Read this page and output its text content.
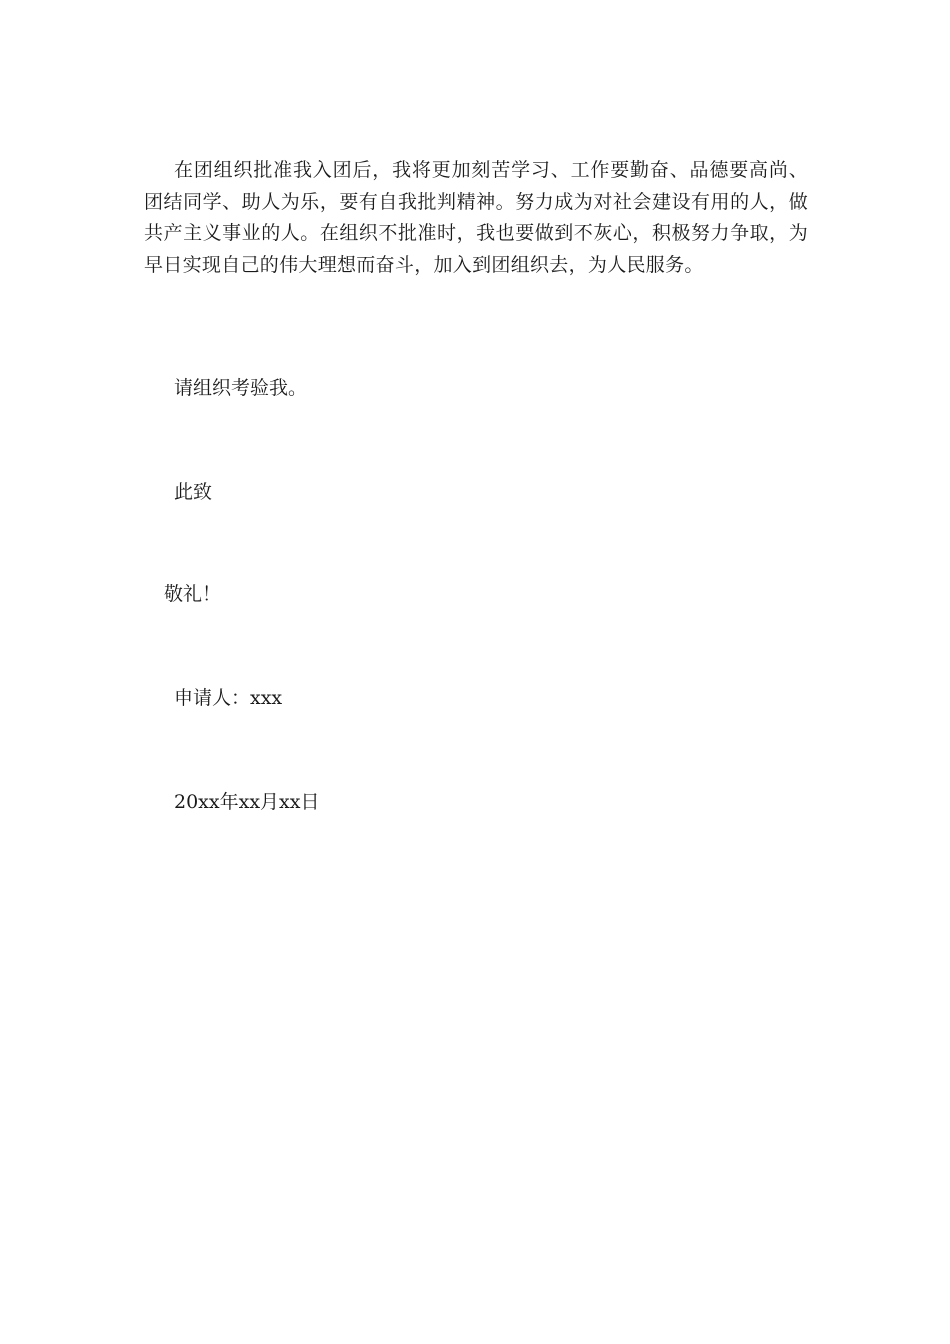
在团组织批准我入团后，我将更加刻苦学习、工作要勤奋、品德要高尚、团结同学、助人为乐，要有自我批判精神。努力成为对社会建设有用的人，做共产主义事业的人。在组织不批准时，我也要做到不灰心，积极努力争取，为早日实现自己的伟大理想而奋斗，加入到团组织去，为人民服务。

请组织考验我。

此致

敬礼！

申请人：xxx

20xx年xx月xx日
